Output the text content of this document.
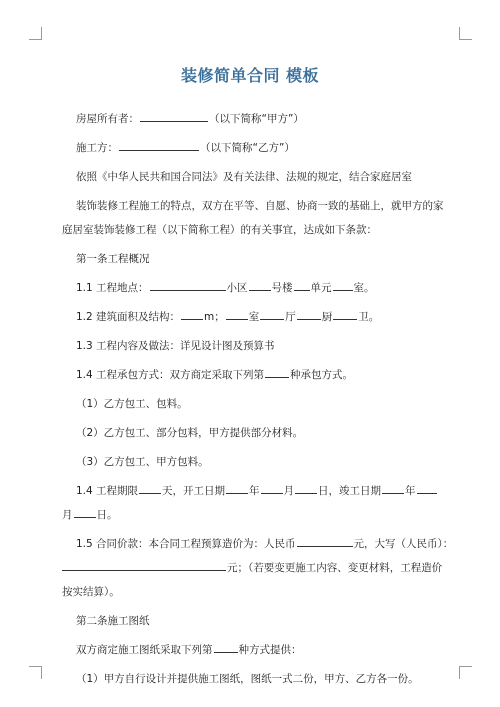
装修简单合同 模板
房屋所有者：	（以下简称“甲方”）
施工方：	（以下简称“乙方”）
依照《中华人民共和国合同法》及有关法律、法规的规定，结合家庭居室
装饰装修工程施工的特点，双方在平等、自愿、协商一致的基础上，就甲方的家
庭居室装饰装修工程（以下简称工程）的有关事宜，达成如下条款：
第一条工程概况
1.1 工程地点：	小区 号楼 单元 室。
1.2 建筑面积及结构： m； 室 厅 厨 卫。
1.3 工程内容及做法：详见设计图及预算书
1.4 工程承包方式：双方商定采取下列第 种承包方式。
（1）乙方包工、包料。
（2）乙方包工、部分包料，甲方提供部分材料。
（3）乙方包工、甲方包料。
1.4 工程期限 天，开工日期 年 月 日，竣工日期 年
月 日。
1.5 合同价款：本合同工程预算造价为：人民币	元，大写（人民币）：
元；（若要变更施工内容、变更材料，工程造价
按实结算）。
第二条施工图纸
双方商定施工图纸采取下列第 种方式提供：
（1）甲方自行设计并提供施工图纸，图纸一式二份，甲方、乙方各一份。
